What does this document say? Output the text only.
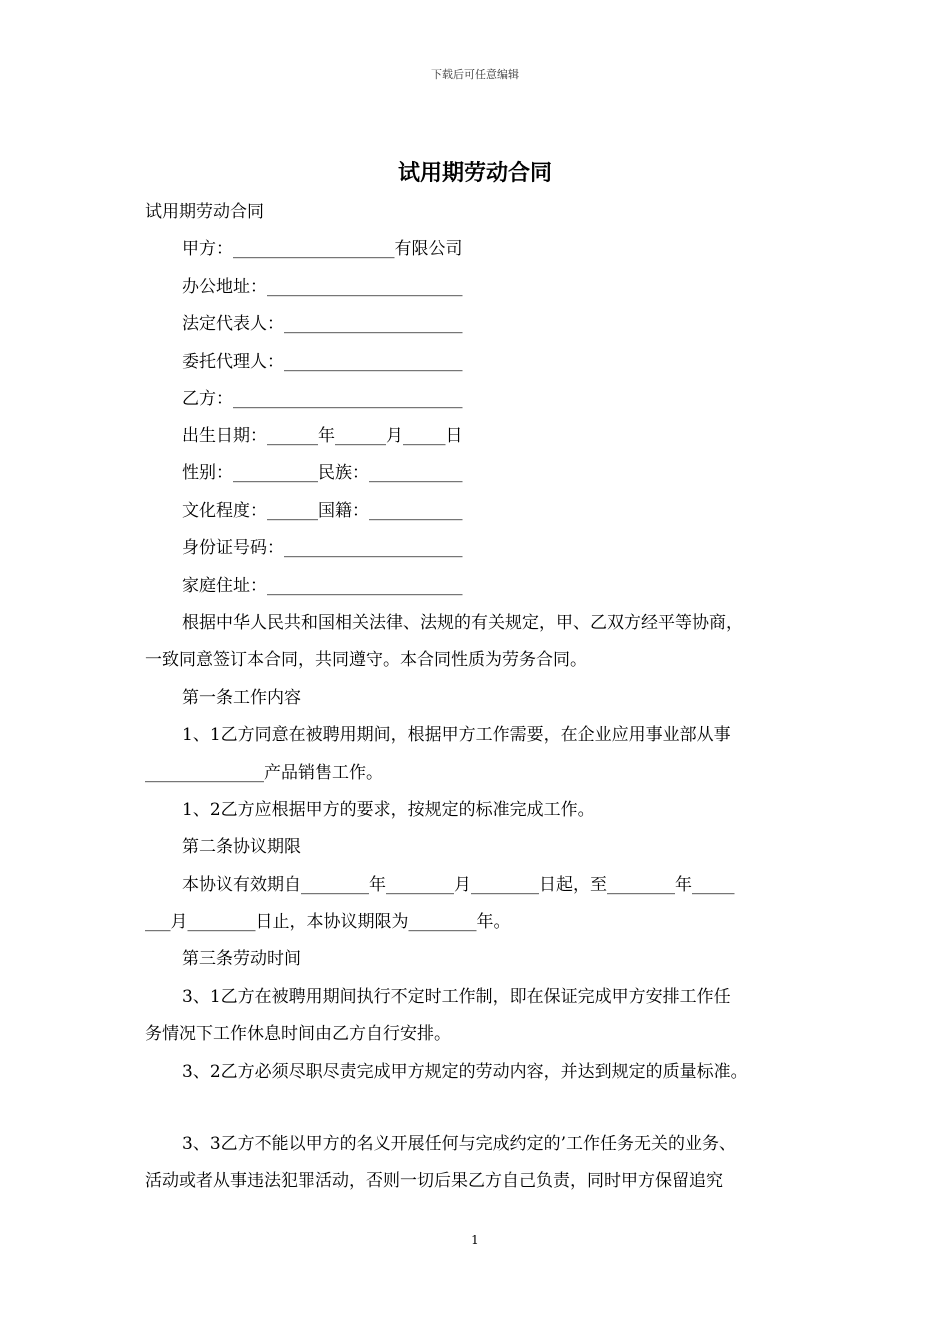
下载后可任意编辑
试用期劳动合同
试用期劳动合同
甲方：___________________有限公司
办公地址：_______________________
法定代表人：_____________________
委托代理人：_____________________
乙方：___________________________
出生日期：______年______月_____日
性别：__________民族：___________
文化程度：______国籍：___________
身份证号码：_____________________
家庭住址：_______________________
根据中华人民共和国相关法律、法规的有关规定，甲、乙双方经平等协商，
一致同意签订本合同，共同遵守。本合同性质为劳务合同。
第一条工作内容
1、1乙方同意在被聘用期间，根据甲方工作需要，在企业应用事业部从事
______________产品销售工作。
1、2乙方应根据甲方的要求，按规定的标准完成工作。
第二条协议期限
本协议有效期自________年________月________日起，至________年_____
___月________日止，本协议期限为________年。
第三条劳动时间
3、1乙方在被聘用期间执行不定时工作制，即在保证完成甲方安排工作任
务情况下工作休息时间由乙方自行安排。
3、2乙方必须尽职尽责完成甲方规定的劳动内容，并达到规定的质量标准。
3、3乙方不能以甲方的名义开展任何与完成约定的’工作任务无关的业务、
活动或者从事违法犯罪活动，否则一切后果乙方自己负责，同时甲方保留追究
1
